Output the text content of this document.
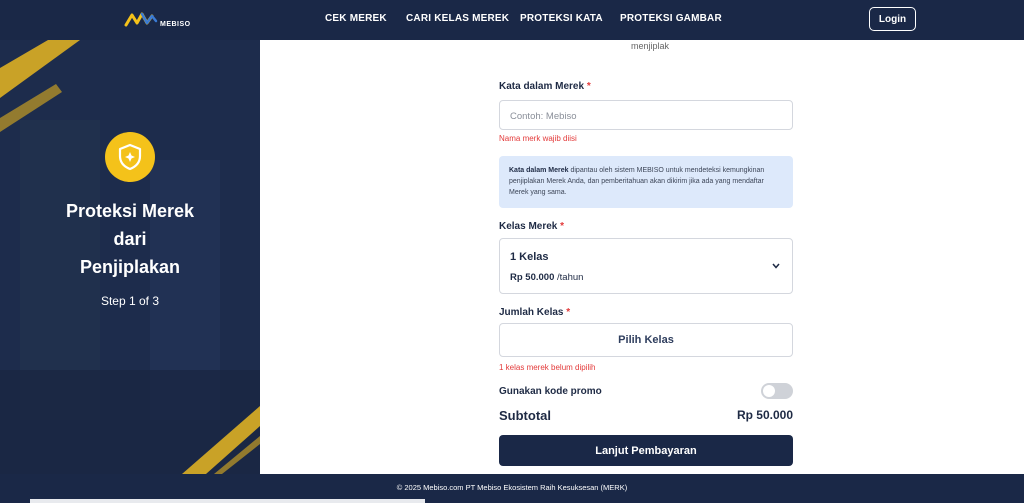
MEBISO	CEK MEREK CARI KELAS MEREK PROTEKSI KATA PROTEKSI GAMBAR	Login
Proteksi Merek
dari
Penjiplakan
Step 1 of 3
menjiplak
Kata dalam Merek *
Contoh: Mebiso
Nama merk wajib diisi
Kata dalam Merek dipantau oleh sistem MEBISO untuk mendeteksi kemungkinan penjiplakan Merek Anda, dan pemberitahuan akan dikirim jika ada yang mendaftar Merek yang sama.
Kelas Merek *
1 Kelas
Rp 50.000 /tahun
Jumlah Kelas *
Pilih Kelas
1 kelas merek belum dipilih
Gunakan kode promo
Subtotal	Rp 50.000
Lanjut Pembayaran
© 2025 Mebiso.com PT Mebiso Ekosistem Raih Kesuksesan (MERK)
